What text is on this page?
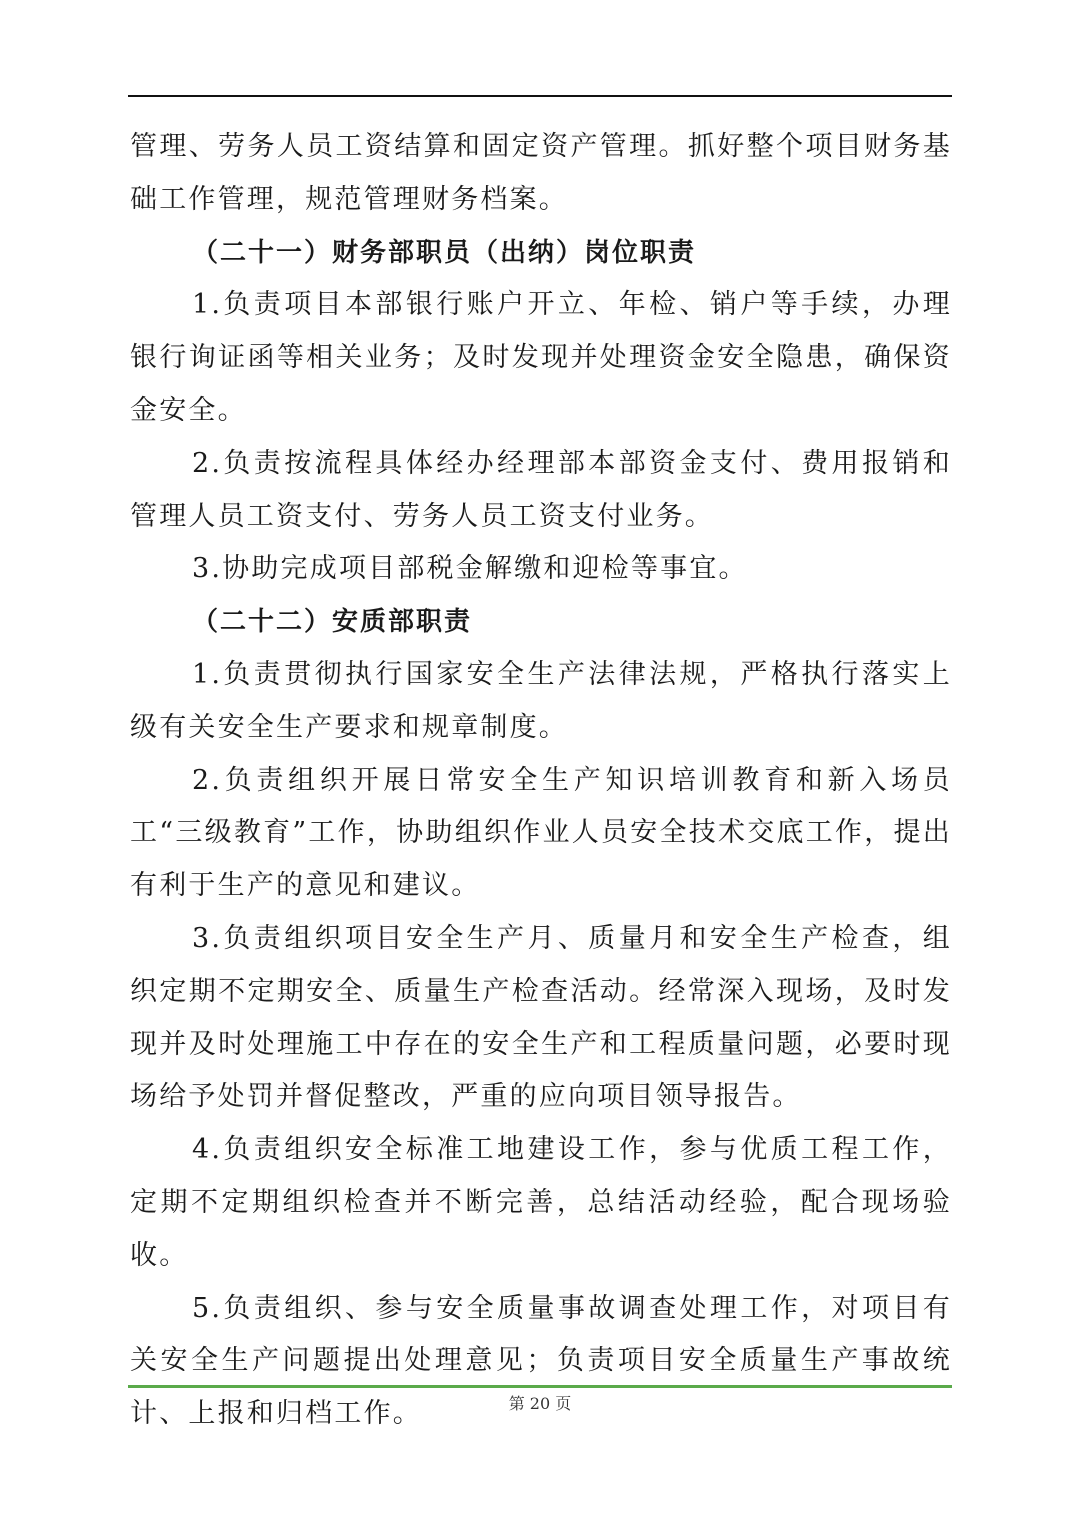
管理、劳务人员工资结算和固定资产管理。抓好整个项目财务基础工作管理，规范管理财务档案。

（二十一）财务部职员（出纳）岗位职责

1.负责项目本部银行账户开立、年检、销户等手续，办理银行询证函等相关业务；及时发现并处理资金安全隐患，确保资金安全。

2.负责按流程具体经办经理部本部资金支付、费用报销和管理人员工资支付、劳务人员工资支付业务。

3.协助完成项目部税金解缴和迎检等事宜。

（二十二）安质部职责

1.负责贯彻执行国家安全生产法律法规，严格执行落实上级有关安全生产要求和规章制度。

2.负责组织开展日常安全生产知识培训教育和新入场员工“三级教育”工作，协助组织作业人员安全技术交底工作，提出有利于生产的意见和建议。

3.负责组织项目安全生产月、质量月和安全生产检查，组织定期不定期安全、质量生产检查活动。经常深入现场，及时发现并及时处理施工中存在的安全生产和工程质量问题，必要时现场给予处罚并督促整改，严重的应向项目领导报告。

4.负责组织安全标准工地建设工作，参与优质工程工作，定期不定期组织检查并不断完善，总结活动经验，配合现场验收。

5.负责组织、参与安全质量事故调查处理工作，对项目有关安全生产问题提出处理意见；负责项目安全质量生产事故统计、上报和归档工作。	第 20 页
